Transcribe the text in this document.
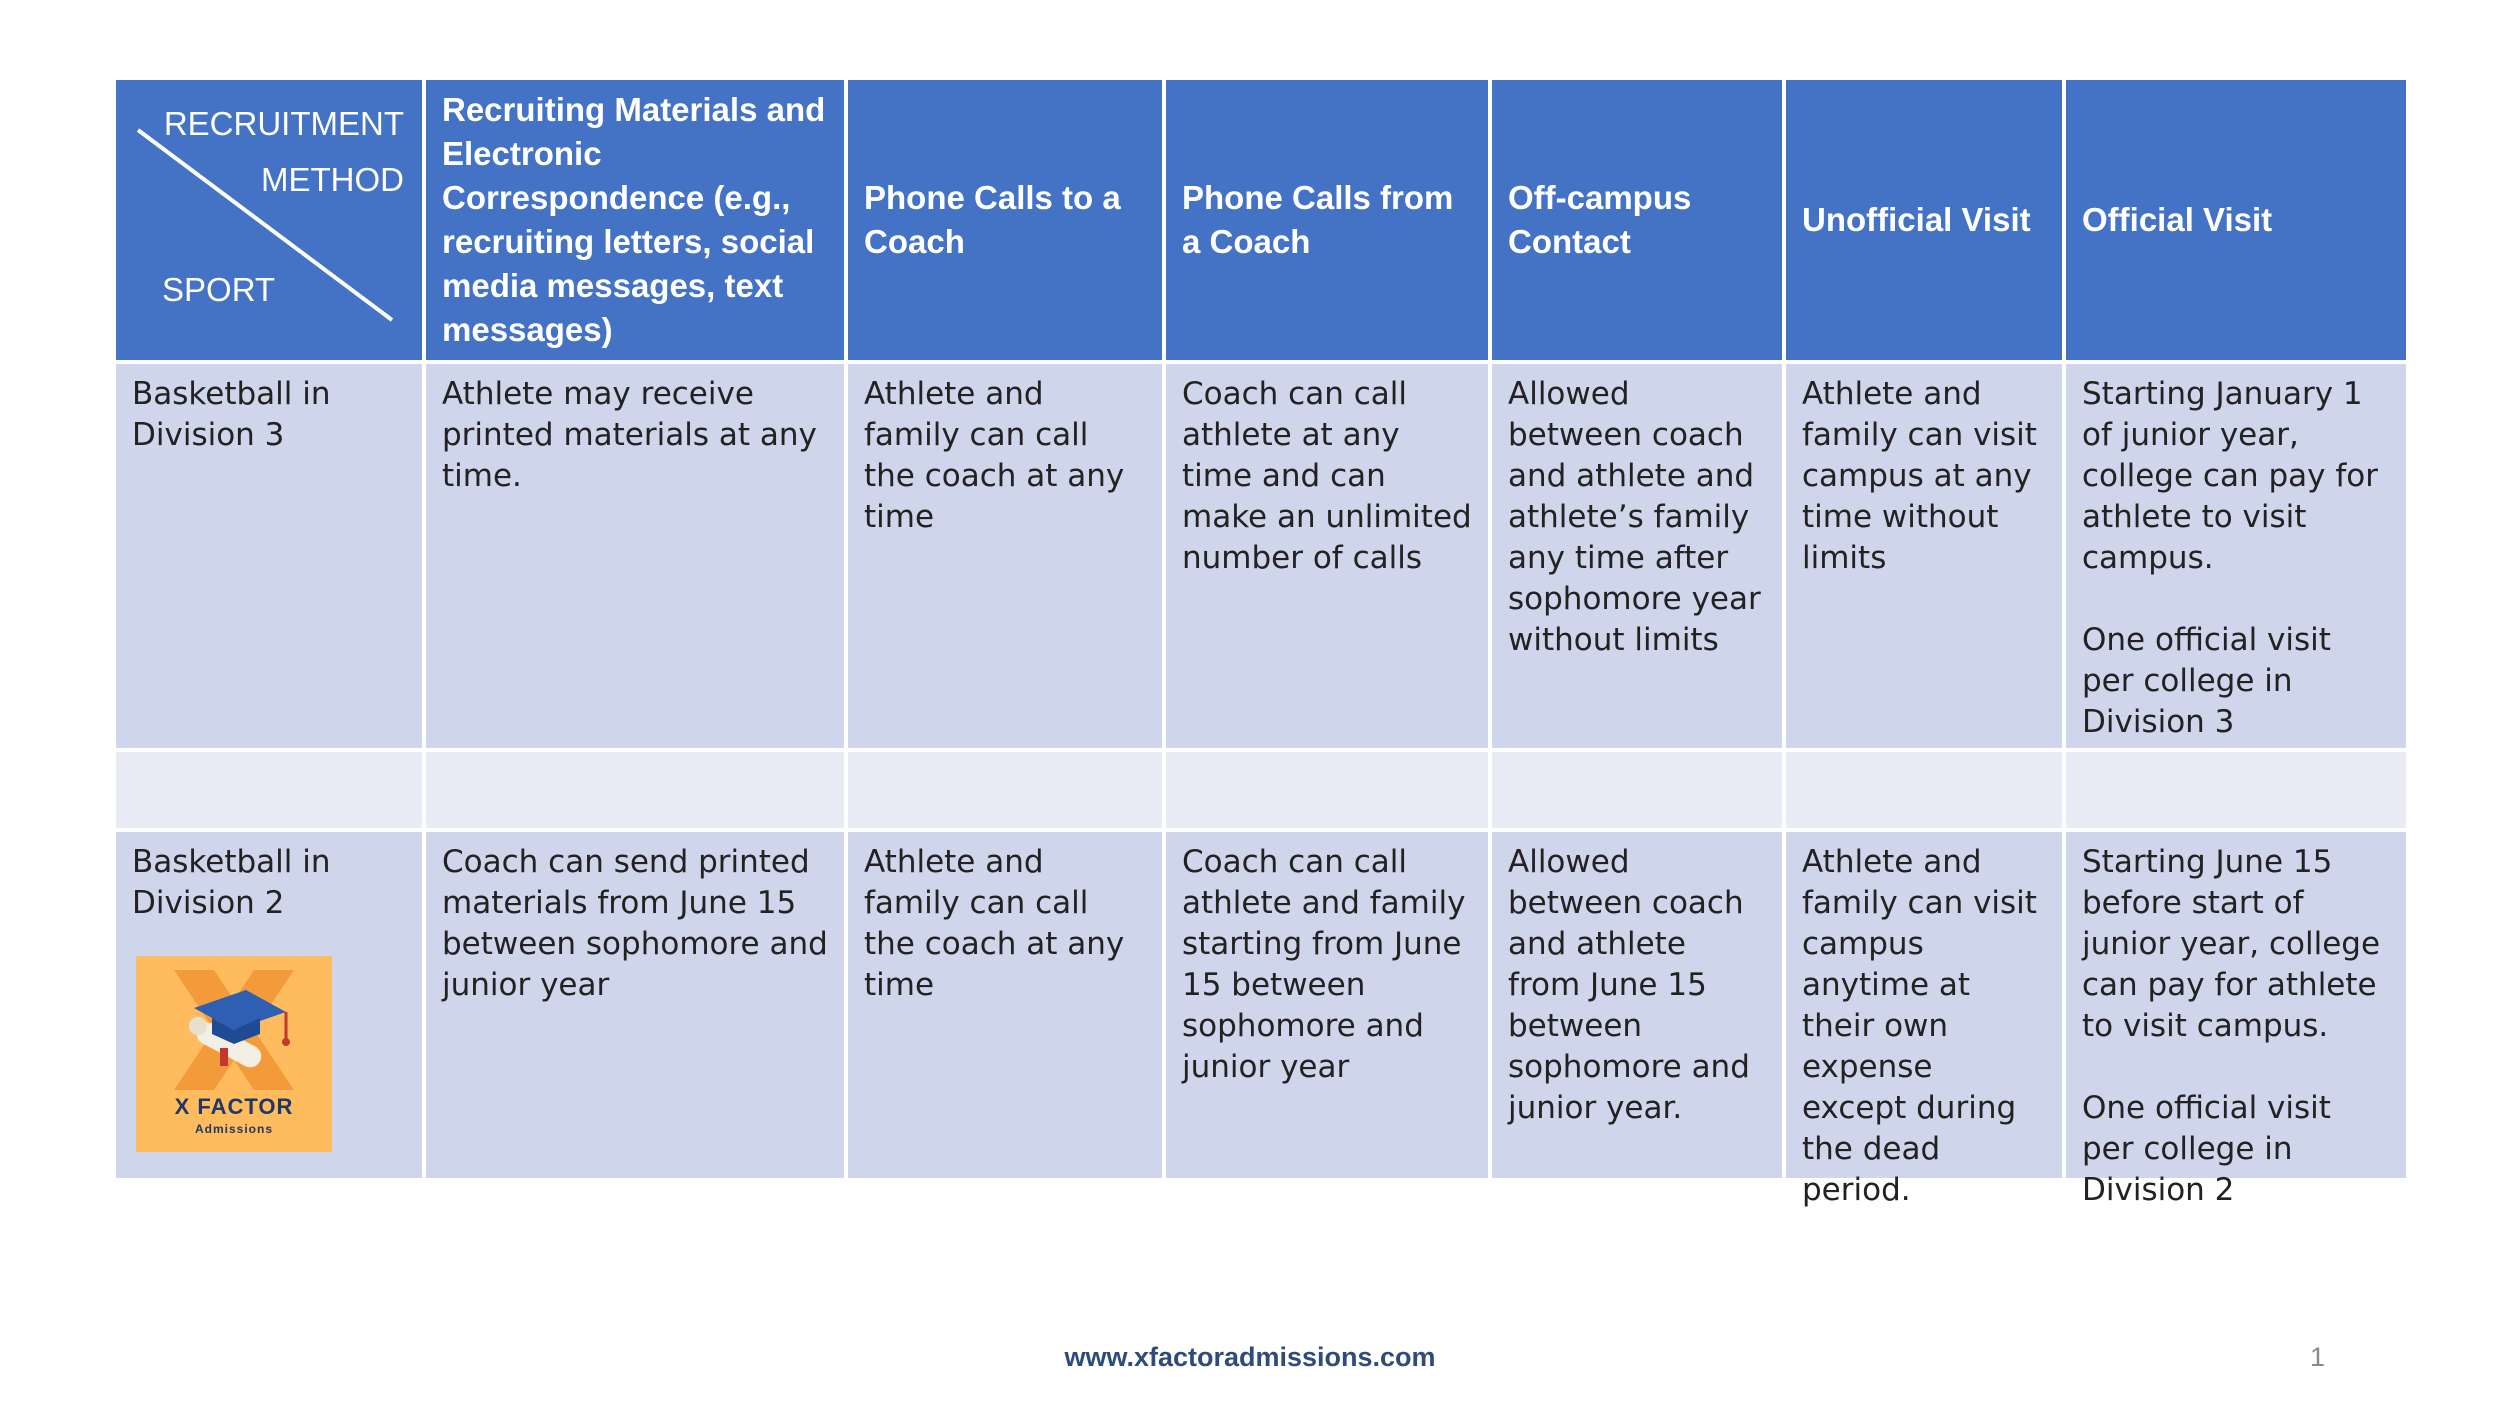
RECRUITMENT
METHOD
SPORT
Recruiting Materials and Electronic Correspondence (e.g., recruiting letters, social media messages, text messages)
Phone Calls to a Coach
Phone Calls from a Coach
Off-campus Contact
Unofficial Visit	Official Visit
Basketball in Division 3
Athlete may receive printed materials at any time.
Athlete and family can call the coach at any time
Coach can call athlete at any time and can make an unlimited number of calls
Allowed between coach and athlete and athlete’s family any time after sophomore year without limits
Athlete and family can visit campus at any time without limits
Starting January 1 of junior year, college can pay for athlete to visit campus.
One official visit per college in Division 3
Basketball in Division 2
Coach can send printed materials from June 15 between sophomore and junior year
Athlete and family can call the coach at any time
Coach can call athlete and family starting from June 15 between sophomore and junior year
Allowed between coach and athlete from June 15 between sophomore and junior year.
Athlete and family can visit campus anytime at their own expense except during the dead period.
Starting June 15 before start of junior year, college can pay for athlete to visit campus.
One official visit per college in Division 2
X FACTOR
Admissions
www.xfactoradmissions.com	1
